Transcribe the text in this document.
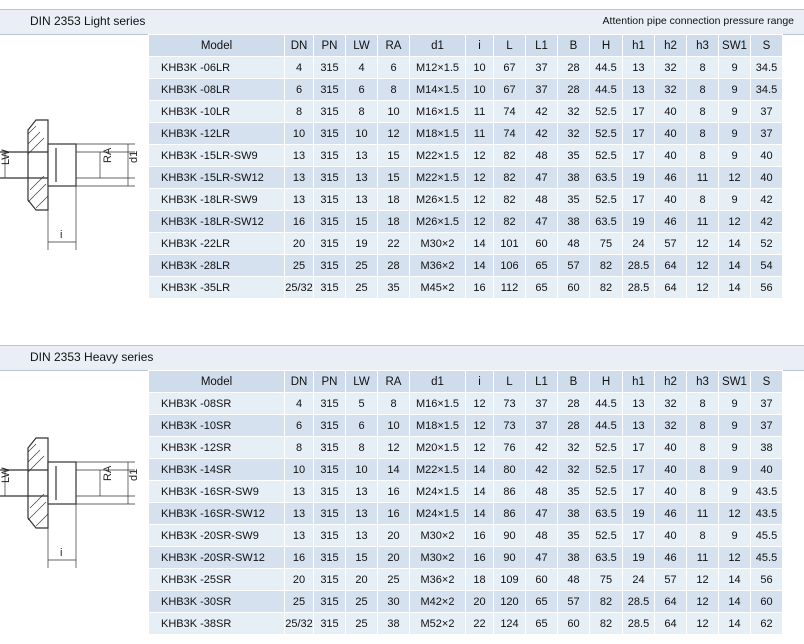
DIN 2353 Light series	Attention pipe connection pressure range
RA d1
LW
i
Model	DN	PN	LW	RA	d1	i	L	L1	B	H	h1	h2	h3	SW1	S
KHB3K -06LR	4	315	4	6	M12×1.5	10	67	37	28	44.5	13	32	8	9	34.5
KHB3K -08LR	6	315	6	8	M14×1.5	10	67	37	28	44.5	13	32	8	9	34.5
KHB3K -10LR	8	315	8	10	M16×1.5	11	74	42	32	52.5	17	40	8	9	37
KHB3K -12LR	10	315	10	12	M18×1.5	11	74	42	32	52.5	17	40	8	9	37
KHB3K -15LR-SW9	13	315	13	15	M22×1.5	12	82	48	35	52.5	17	40	8	9	40
KHB3K -15LR-SW12	13	315	13	15	M22×1.5	12	82	47	38	63.5	19	46	11	12	40
KHB3K -18LR-SW9	13	315	13	18	M26×1.5	12	82	48	35	52.5	17	40	8	9	42
KHB3K -18LR-SW12	16	315	15	18	M26×1.5	12	82	47	38	63.5	19	46	11	12	42
KHB3K -22LR	20	315	19	22	M30×2	14	101	60	48	75	24	57	12	14	52
KHB3K -28LR	25	315	25	28	M36×2	14	106	65	57	82	28.5	64	12	14	54
KHB3K -35LR	25/32	315	25	35	M45×2	16	112	65	60	82	28.5	64	12	14	56
DIN 2353 Heavy series
RA d1
LW
i
Model	DN	PN	LW	RA	d1	i	L	L1	B	H	h1	h2	h3	SW1	S
KHB3K -08SR	4	315	5	8	M16×1.5	12	73	37	28	44.5	13	32	8	9	37
KHB3K -10SR	6	315	6	10	M18×1.5	12	73	37	28	44.5	13	32	8	9	37
KHB3K -12SR	8	315	8	12	M20×1.5	12	76	42	32	52.5	17	40	8	9	38
KHB3K -14SR	10	315	10	14	M22×1.5	14	80	42	32	52.5	17	40	8	9	40
KHB3K -16SR-SW9	13	315	13	16	M24×1.5	14	86	48	35	52.5	17	40	8	9	43.5
KHB3K -16SR-SW12	13	315	13	16	M24×1.5	14	86	47	38	63.5	19	46	11	12	43.5
KHB3K -20SR-SW9	13	315	13	20	M30×2	16	90	48	35	52.5	17	40	8	9	45.5
KHB3K -20SR-SW12	16	315	15	20	M30×2	16	90	47	38	63.5	19	46	11	12	45.5
KHB3K -25SR	20	315	20	25	M36×2	18	109	60	48	75	24	57	12	14	56
KHB3K -30SR	25	315	25	30	M42×2	20	120	65	57	82	28.5	64	12	14	60
KHB3K -38SR	25/32	315	25	38	M52×2	22	124	65	60	82	28.5	64	12	14	62
